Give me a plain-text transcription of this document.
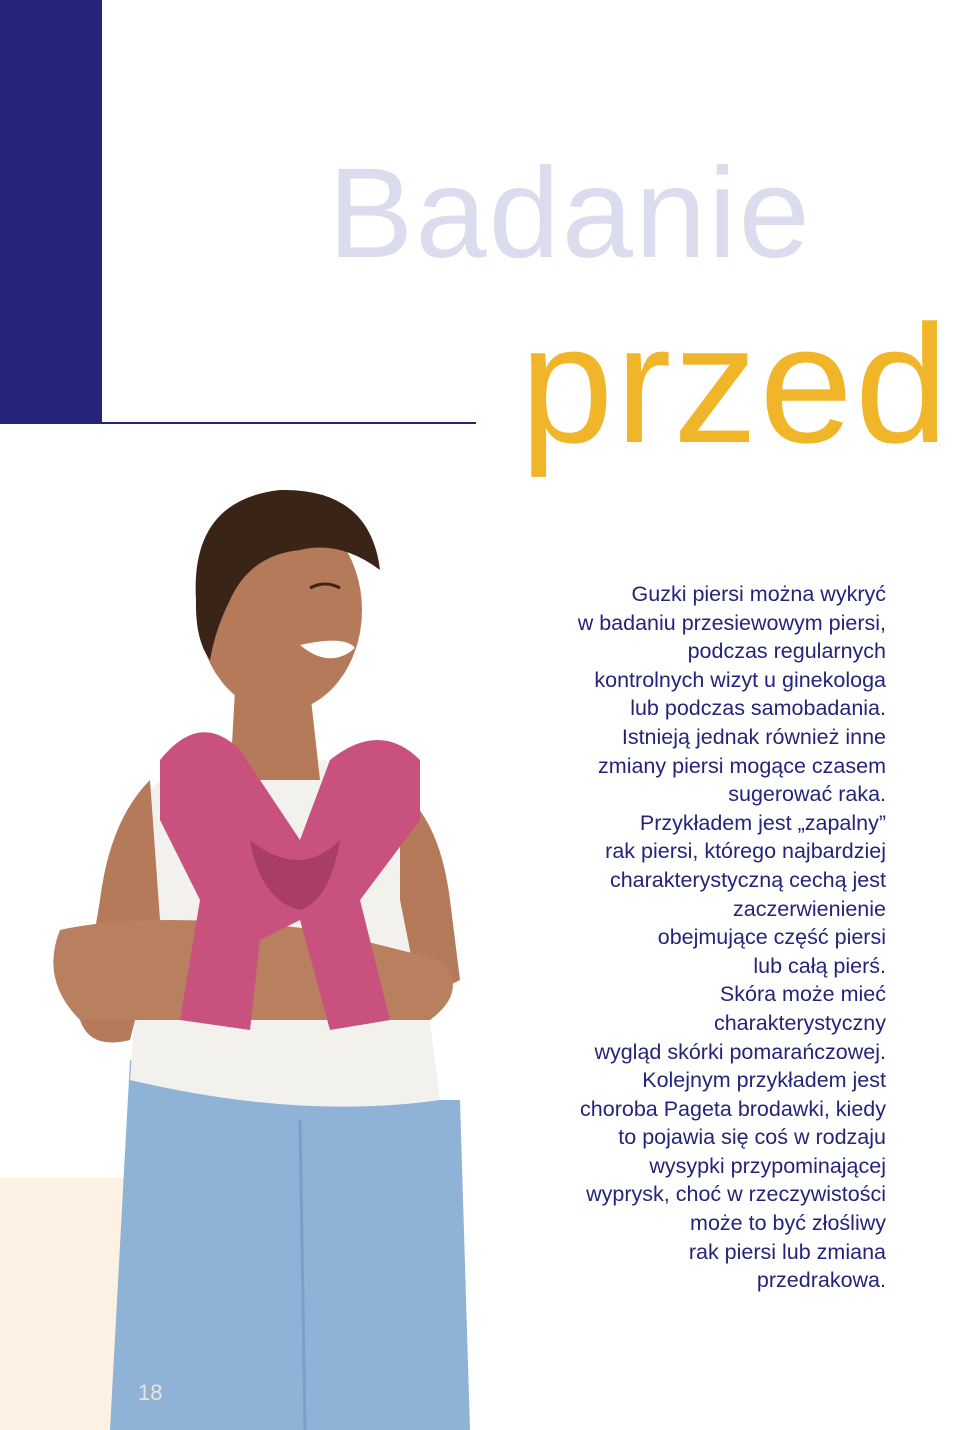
Badanie
przed
Guzki piersi można wykryć
w badaniu przesiewowym piersi,
podczas regularnych
kontrolnych wizyt u ginekologa
lub podczas samobadania.
Istnieją jednak również inne
zmiany piersi mogące czasem
sugerować raka.
Przykładem jest „zapalny”
rak piersi, którego najbardziej
charakterystyczną cechą jest
zaczerwienienie
obejmujące część piersi
lub całą pierś.
Skóra może mieć
charakterystyczny
wygląd skórki pomarańczowej.
Kolejnym przykładem jest
choroba Pageta brodawki, kiedy
to pojawia się coś w rodzaju
wysypki przypominającej
wyprysk, choć w rzeczywistości
może to być złośliwy
rak piersi lub zmiana
przedrakowa.
18
